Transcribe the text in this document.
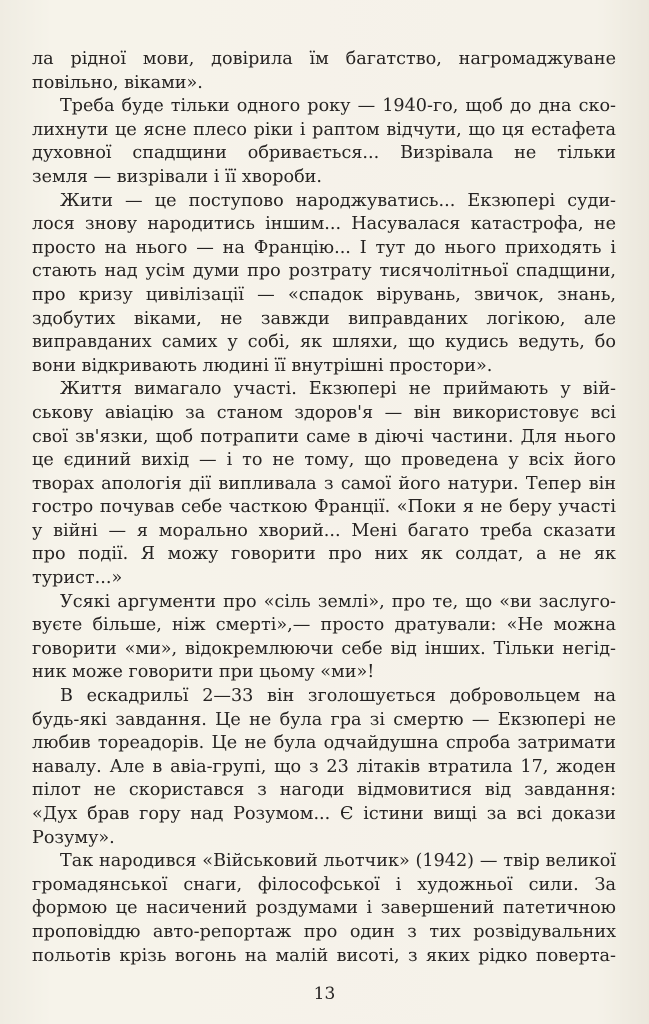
ла рідної мови, довірила їм багатство, нагромаджуване
повільно, віками».
Треба буде тільки одного року — 1940-го, щоб до дна ско-
лихнути це ясне плесо ріки і раптом відчути, що ця естафета
духовної спадщини обривається... Визрівала не тільки
земля — визрівали і її хвороби.
Жити — це поступово народжуватись... Екзюпері суди-
лося знову народитись іншим... Насувалася катастрофа, не
просто на нього — на Францію... І тут до нього приходять і
стають над усім думи про розтрату тисячолітньої спадщини,
про кризу цивілізації — «спадок вірувань, звичок, знань,
здобутих віками, не завжди виправданих логікою, але
виправданих самих у собі, як шляхи, що кудись ведуть, бо
вони відкривають людині її внутрішні простори».
Життя вимагало участі. Екзюпері не приймають у вій-
ськову авіацію за станом здоров'я — він використовує всі
свої зв'язки, щоб потрапити саме в діючі частини. Для нього
це єдиний вихід — і то не тому, що проведена у всіх його
творах апологія дії випливала з самої його натури. Тепер він
гостро почував себе часткою Франції. «Поки я не беру участі
у війні — я морально хворий... Мені багато треба сказати
про події. Я можу говорити про них як солдат, а не як
турист...»
Усякі аргументи про «сіль землі», про те, що «ви заслуго-
вуєте більше, ніж смерті»,— просто дратували: «Не можна
говорити «ми», відокремлюючи себе від інших. Тільки негід-
ник може говорити при цьому «ми»!
В ескадрильї 2—33 він зголошується добровольцем на
будь-які завдання. Це не була гра зі смертю — Екзюпері не
любив тореадорів. Це не була одчайдушна спроба затримати
навалу. Але в авіа-групі, що з 23 літаків втратила 17, жоден
пілот не скористався з нагоди відмовитися від завдання:
«Дух брав гору над Розумом... Є істини вищі за всі докази
Розуму».
Так народився «Військовий льотчик» (1942) — твір великої
громадянської снаги, філософської і художньої сили. За
формою це насичений роздумами і завершений патетичною
проповіддю авто-репортаж про один з тих розвідувальних
польотів крізь вогонь на малій висоті, з яких рідко поверта-
13
